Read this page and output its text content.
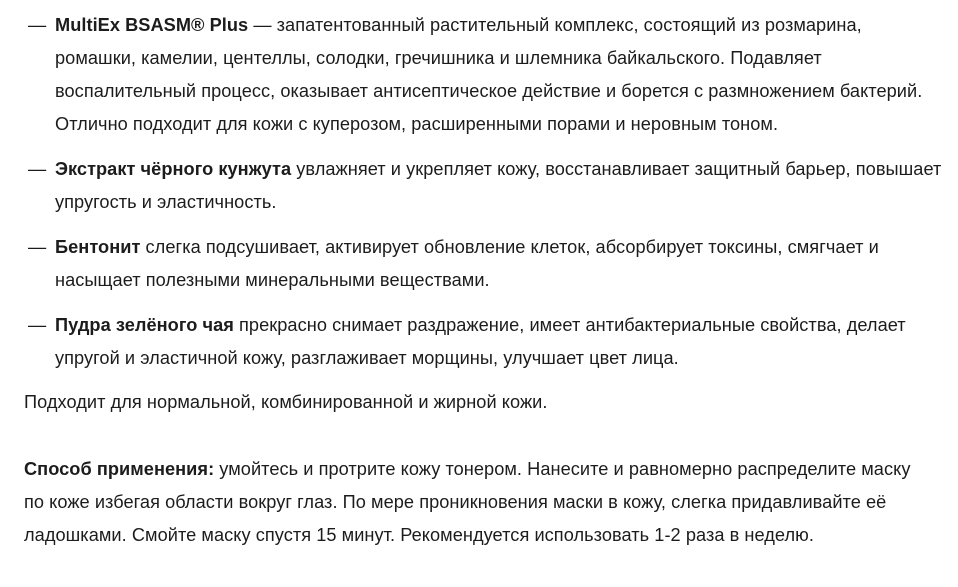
— MultiEx BSASM® Plus — запатентованный растительный комплекс, состоящий из розмарина, ромашки, камелии, центеллы, солодки, гречишника и шлемника байкальского. Подавляет воспалительный процесс, оказывает антисептическое действие и борется с размножением бактерий. Отлично подходит для кожи с куперозом, расширенными порами и неровным тоном.
— Экстракт чёрного кунжута увлажняет и укрепляет кожу, восстанавливает защитный барьер, повышает упругость и эластичность.
— Бентонит слегка подсушивает, активирует обновление клеток, абсорбирует токсины, смягчает и насыщает полезными минеральными веществами.
— Пудра зелёного чая прекрасно снимает раздражение, имеет антибактериальные свойства, делает упругой и эластичной кожу, разглаживает морщины, улучшает цвет лица.

Подходит для нормальной, комбинированной и жирной кожи.

Способ применения: умойтесь и протрите кожу тонером. Нанесите и равномерно распределите маску по коже избегая области вокруг глаз. По мере проникновения маски в кожу, слегка придавливайте её ладошками. Смойте маску спустя 15 минут. Рекомендуется использовать 1-2 раза в неделю.
